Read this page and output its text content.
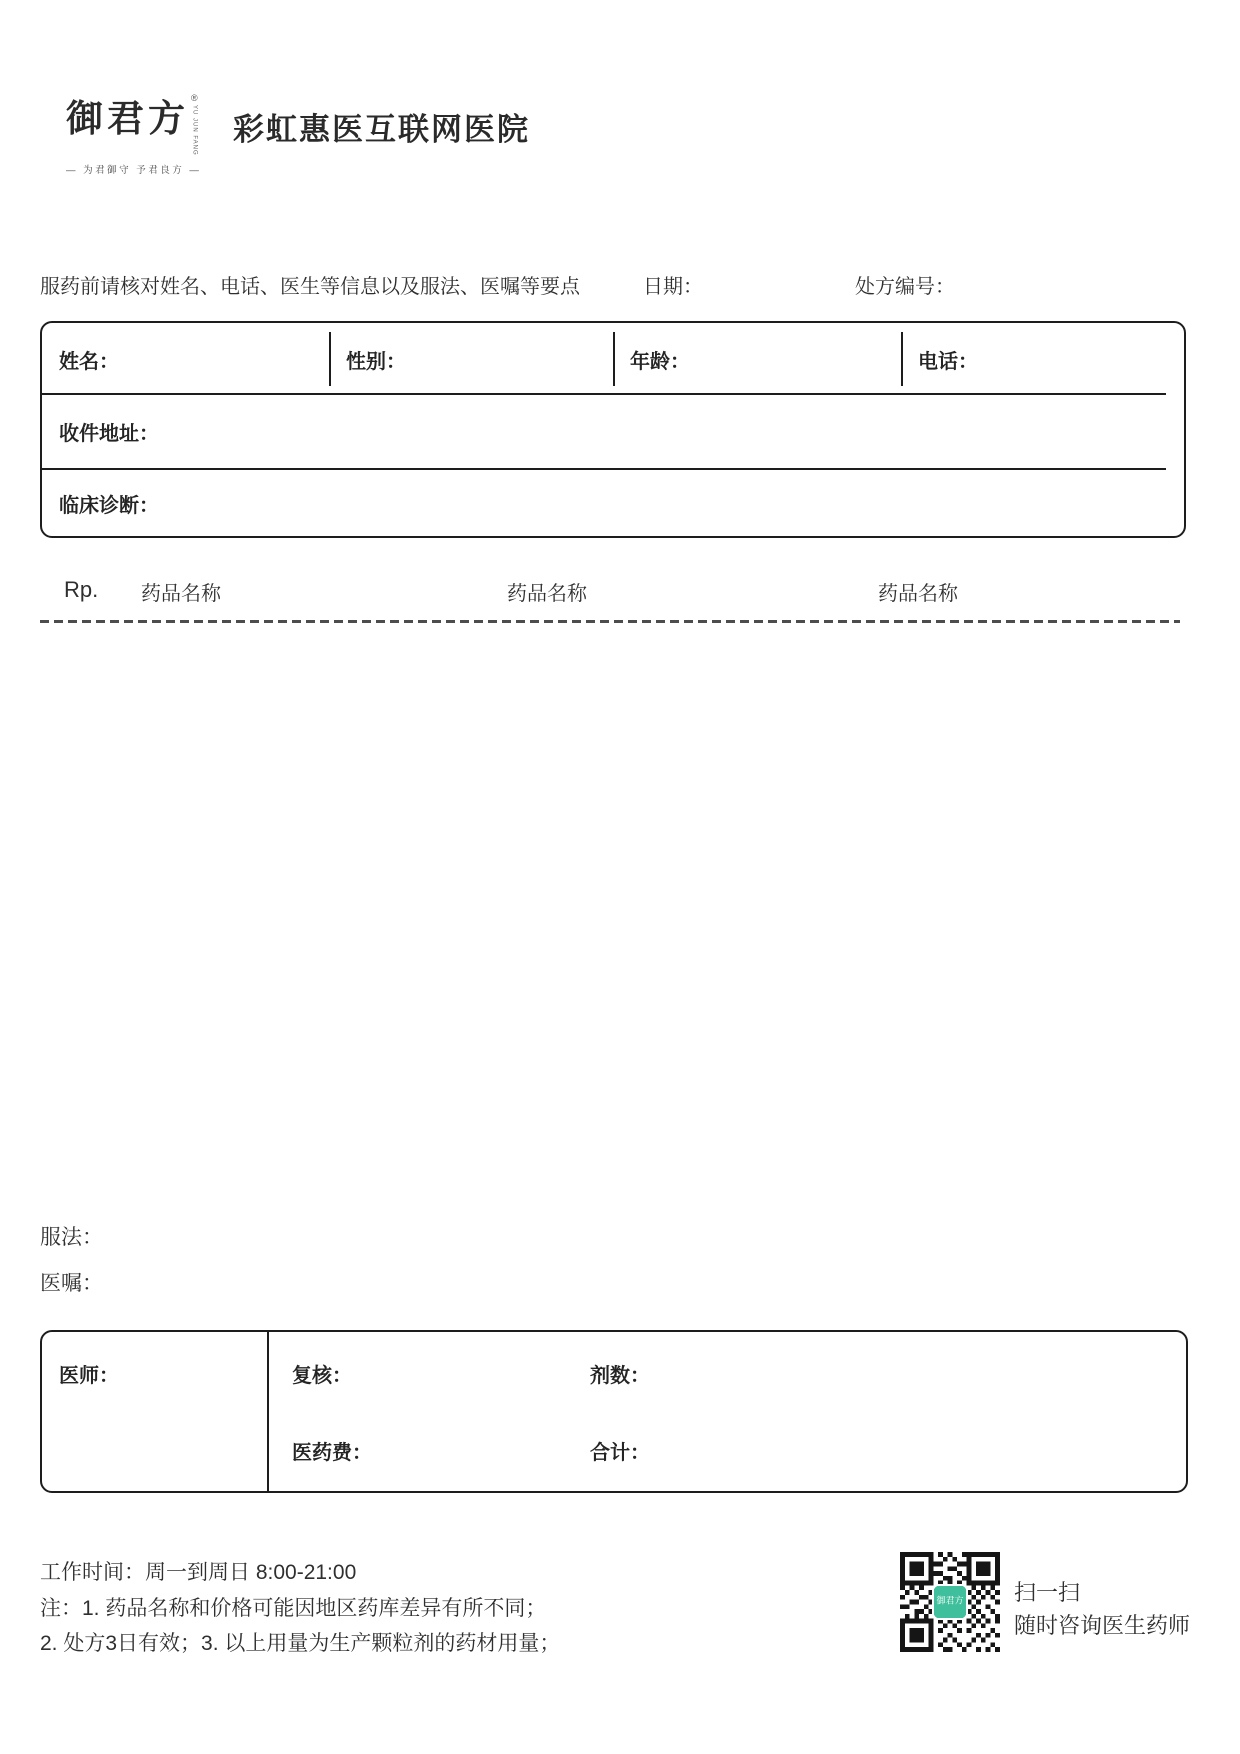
御君方 ®
YU JUN FANG
— 为君御守 予君良方 —
彩虹惠医互联网医院
服药前请核对姓名、电话、医生等信息以及服法、医嘱等要点	日期：	处方编号：
姓名：	性别：	年龄：	电话：
收件地址：
临床诊断：
Rp. 药品名称	药品名称	药品名称
服法：
医嘱：
医师：	复核：	剂数：
医药费：	合计：
工作时间：周一到周日 8:00-21:00
注：1. 药品名称和价格可能因地区药库差异有所不同；
2. 处方3日有效；3. 以上用量为生产颗粒剂的药材用量；
御君方 扫一扫
随时咨询医生药师
